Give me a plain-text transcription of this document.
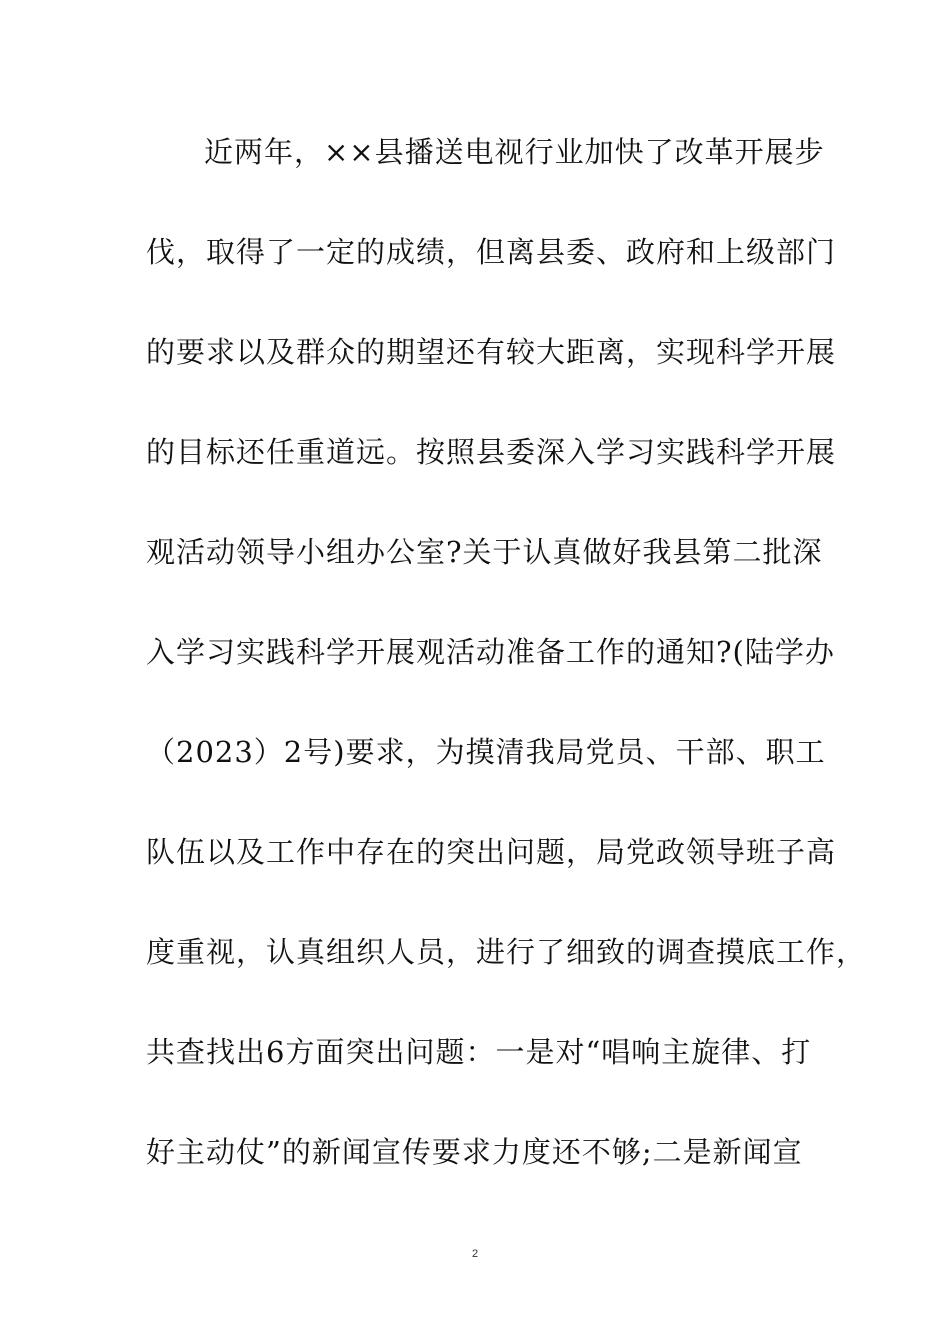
近两年，××县播送电视行业加快了改革开展步
伐，取得了一定的成绩，但离县委、政府和上级部门
的要求以及群众的期望还有较大距离，实现科学开展
的目标还任重道远。按照县委深入学习实践科学开展
观活动领导小组办公室?关于认真做好我县第二批深
入学习实践科学开展观活动准备工作的通知?(陆学办
（2023）2号)要求，为摸清我局党员、干部、职工
队伍以及工作中存在的突出问题，局党政领导班子高
度重视，认真组织人员，进行了细致的调查摸底工作，
共查找出6方面突出问题：一是对“唱响主旋律、打
好主动仗”的新闻宣传要求力度还不够;二是新闻宣
2
